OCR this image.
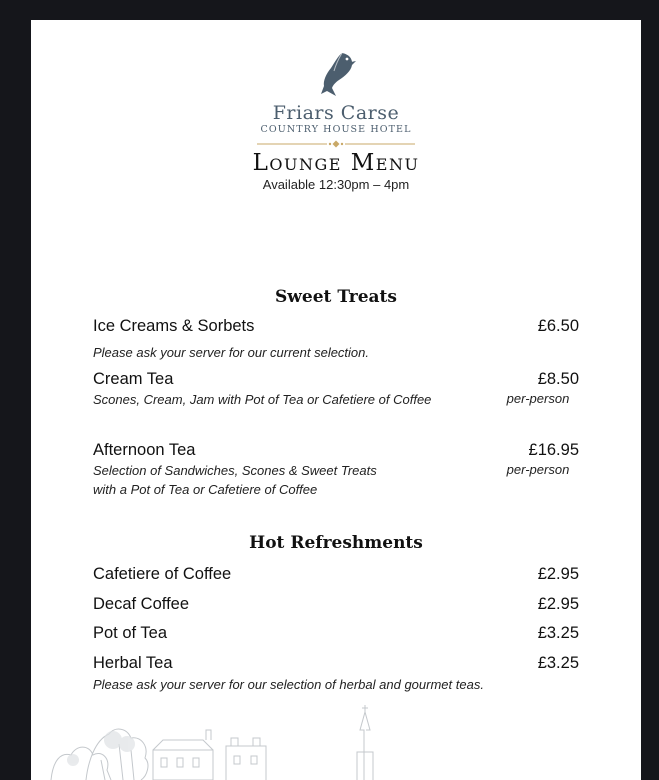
Friars Carse
COUNTRY HOUSE HOTEL
Lounge Menu
Available 12:30pm – 4pm
Sweet Treats
Ice Creams & Sorbets	£6.50
Please ask your server for our current selection.
Cream Tea	£8.50
Scones, Cream, Jam with Pot of Tea or Cafetiere of Coffee	per-person
Afternoon Tea	£16.95
Selection of Sandwiches, Scones & Sweet Treats
with a Pot of Tea or Cafetiere of Coffee
per-person
Hot Refreshments
Cafetiere of Coffee	£2.95
Decaf Coffee	£2.95
Pot of Tea	£3.25
Herbal Tea	£3.25
Please ask your server for our selection of herbal and gourmet teas.
